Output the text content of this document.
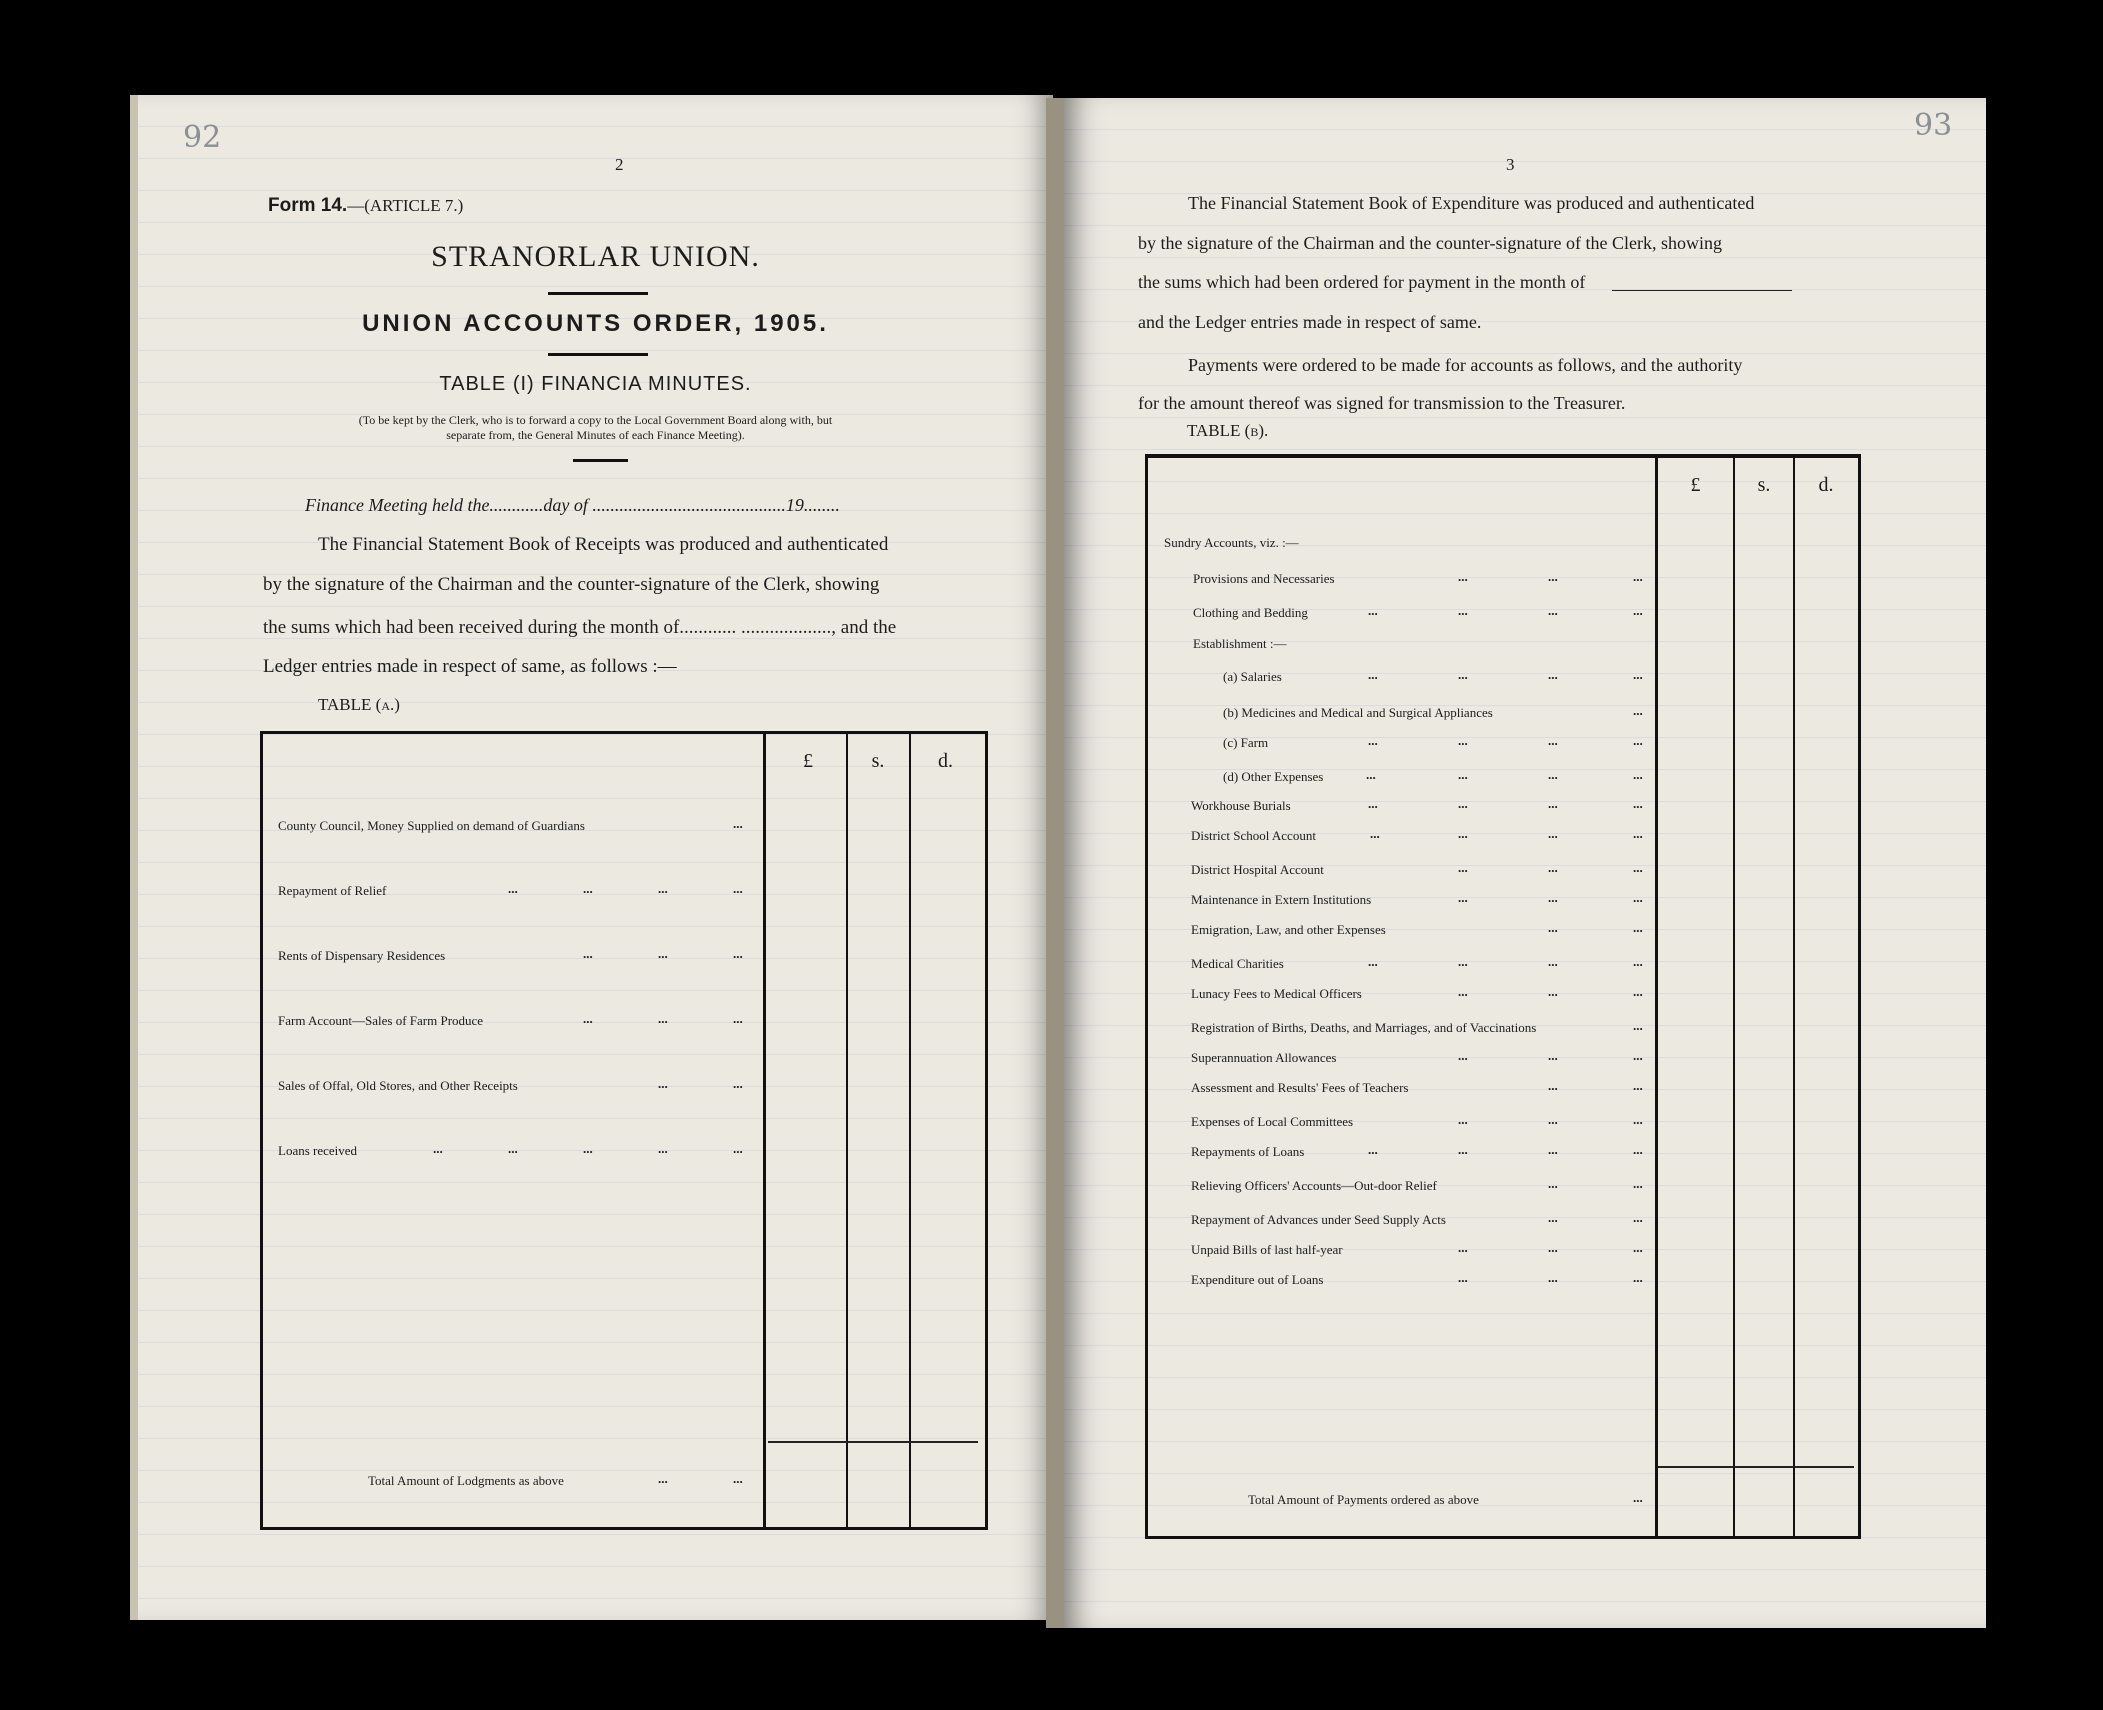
92
2
Form 14.—(ARTICLE 7.)
STRANORLAR UNION.
UNION ACCOUNTS ORDER, 1905.
TABLE (I) FINANCIA MINUTES.
(To be kept by the Clerk, who is to forward a copy to the Local Government Board along with, but
separate from, the General Minutes of each Finance Meeting).
Finance Meeting held the............day of ...........................................19........
The Financial Statement Book of Receipts was produced and authenticated
by the signature of the Chairman and the counter-signature of the Clerk, showing
the sums which had been received during the month of............ ..................., and the
Ledger entries made in respect of same, as follows :—
TABLE (a.)
£	s.	d.
County Council, Money Supplied on demand of Guardians	...
Repayment of Relief	...	...	...	...
Rents of Dispensary Residences	...	...	...
Farm Account—Sales of Farm Produce	...	...	...
Sales of Offal, Old Stores, and Other Receipts	...	...
Loans received	...	...	...	...	...
Total Amount of Lodgments as above	...	...
93
3
The Financial Statement Book of Expenditure was produced and authenticated
by the signature of the Chairman and the counter-signature of the Clerk, showing
the sums which had been ordered for payment in the month of
and the Ledger entries made in respect of same.
Payments were ordered to be made for accounts as follows, and the authority
for the amount thereof was signed for transmission to the Treasurer.
TABLE (b).
£	s.	d.
Sundry Accounts, viz. :—
Provisions and Necessaries	...	...	...
Clothing and Bedding	...	...	...	...
Establishment :—
(a) Salaries	...	...	...	...
(b) Medicines and Medical and Surgical Appliances	...
(c) Farm	...	...	...	...
(d) Other Expenses	...	...	...	...
Workhouse Burials	...	...	...	...
District School Account	...	...	...	...
District Hospital Account	...	...	...
Maintenance in Extern Institutions	...	...	...
Emigration, Law, and other Expenses	...	...
Medical Charities	...	...	...	...
Lunacy Fees to Medical Officers	...	...	...
Registration of Births, Deaths, and Marriages, and of Vaccinations	...
Superannuation Allowances	...	...	...
Assessment and Results' Fees of Teachers	...	...
Expenses of Local Committees	...	...	...
Repayments of Loans	...	...	...	...
Relieving Officers' Accounts—Out-door Relief	...	...
Repayment of Advances under Seed Supply Acts	...	...
Unpaid Bills of last half-year	...	...	...
Expenditure out of Loans	...	...	...
Total Amount of Payments ordered as above	...
